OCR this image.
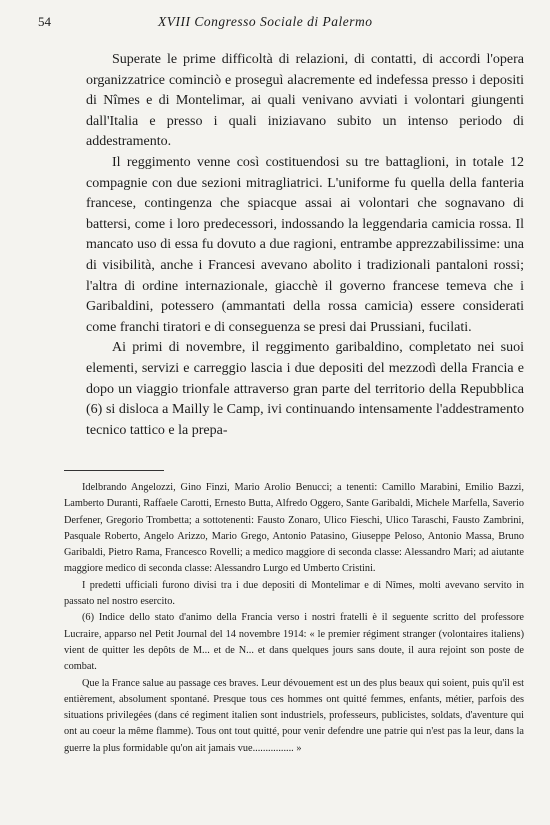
54	XVIII Congresso Sociale di Palermo

Superate le prime difficoltà di relazioni, di contatti, di accordi l'opera organizzatrice cominciò e proseguì alacremente ed indefessa presso i depositi di Nîmes e di Montelimar, ai quali venivano avviati i volontari giungenti dall'Italia e presso i quali iniziavano subito un intenso periodo di addestramento.

Il reggimento venne così costituendosi su tre battaglioni, in totale 12 compagnie con due sezioni mitragliatrici. L'uniforme fu quella della fanteria francese, contingenza che spiacque assai ai volontari che sognavano di battersi, come i loro predecessori, indossando la leggendaria camicia rossa. Il mancato uso di essa fu dovuto a due ragioni, entrambe apprezzabilissime: una di visibilità, anche i Francesi avevano abolito i tradizionali pantaloni rossi; l'altra di ordine internazionale, giacchè il governo francese temeva che i Garibaldini, potessero (ammantati della rossa camicia) essere considerati come franchi tiratori e di conseguenza se presi dai Prussiani, fucilati.

Ai primi di novembre, il reggimento garibaldino, completato nei suoi elementi, servizi e carreggio lascia i due depositi del mezzodì della Francia e dopo un viaggio trionfale attraverso gran parte del territorio della Repubblica (6) si disloca a Mailly le Camp, ivi continuando intensamente l'addestramento tecnico tattico e la prepa-

Idelbrando Angelozzi, Gino Finzi, Mario Arolio Benucci; a tenenti: Camillo Marabini, Emilio Bazzi, Lamberto Duranti, Raffaele Carotti, Ernesto Butta, Alfredo Oggero, Sante Garibaldi, Michele Marfella, Saverio Derfener, Gregorio Trombetta; a sottotenenti: Fausto Zonaro, Ulico Fieschi, Ulico Taraschi, Fausto Zambrini, Pasquale Roberto, Angelo Arizzo, Mario Grego, Antonio Patasino, Giuseppe Peloso, Antonio Massa, Bruno Garibaldi, Pietro Rama, Francesco Rovelli; a medico maggiore di seconda classe: Alessandro Mari; ad aiutante maggiore medico di seconda classe: Alessandro Lurgo ed Umberto Cristini.

I predetti ufficiali furono divisi tra i due depositi di Montelimar e di Nîmes, molti avevano servito in passato nel nostro esercito.

(6) Indice dello stato d'animo della Francia verso i nostri fratelli è il seguente scritto del professore Lucraire, apparso nel Petit Journal del 14 novembre 1914: « le premier régiment stranger (volontaires italiens) vient de quitter les depôts de M... et de N... et dans quelques jours sans doute, il aura rejoint son poste de combat.

Que la France salue au passage ces braves. Leur dévouement est un des plus beaux qui soient, puis qu'il est entièrement, absolument spontané. Presque tous ces hommes ont quitté femmes, enfants, métier, parfois des situations privilegées (dans cé regiment italien sont industriels, professeurs, publicistes, soldats, d'aventure qui ont au coeur la même flamme). Tous ont tout quitté, pour venir defendre une patrie qui n'est pas la leur, dans la guerre la plus formidable qu'on ait jamais vue................ »
